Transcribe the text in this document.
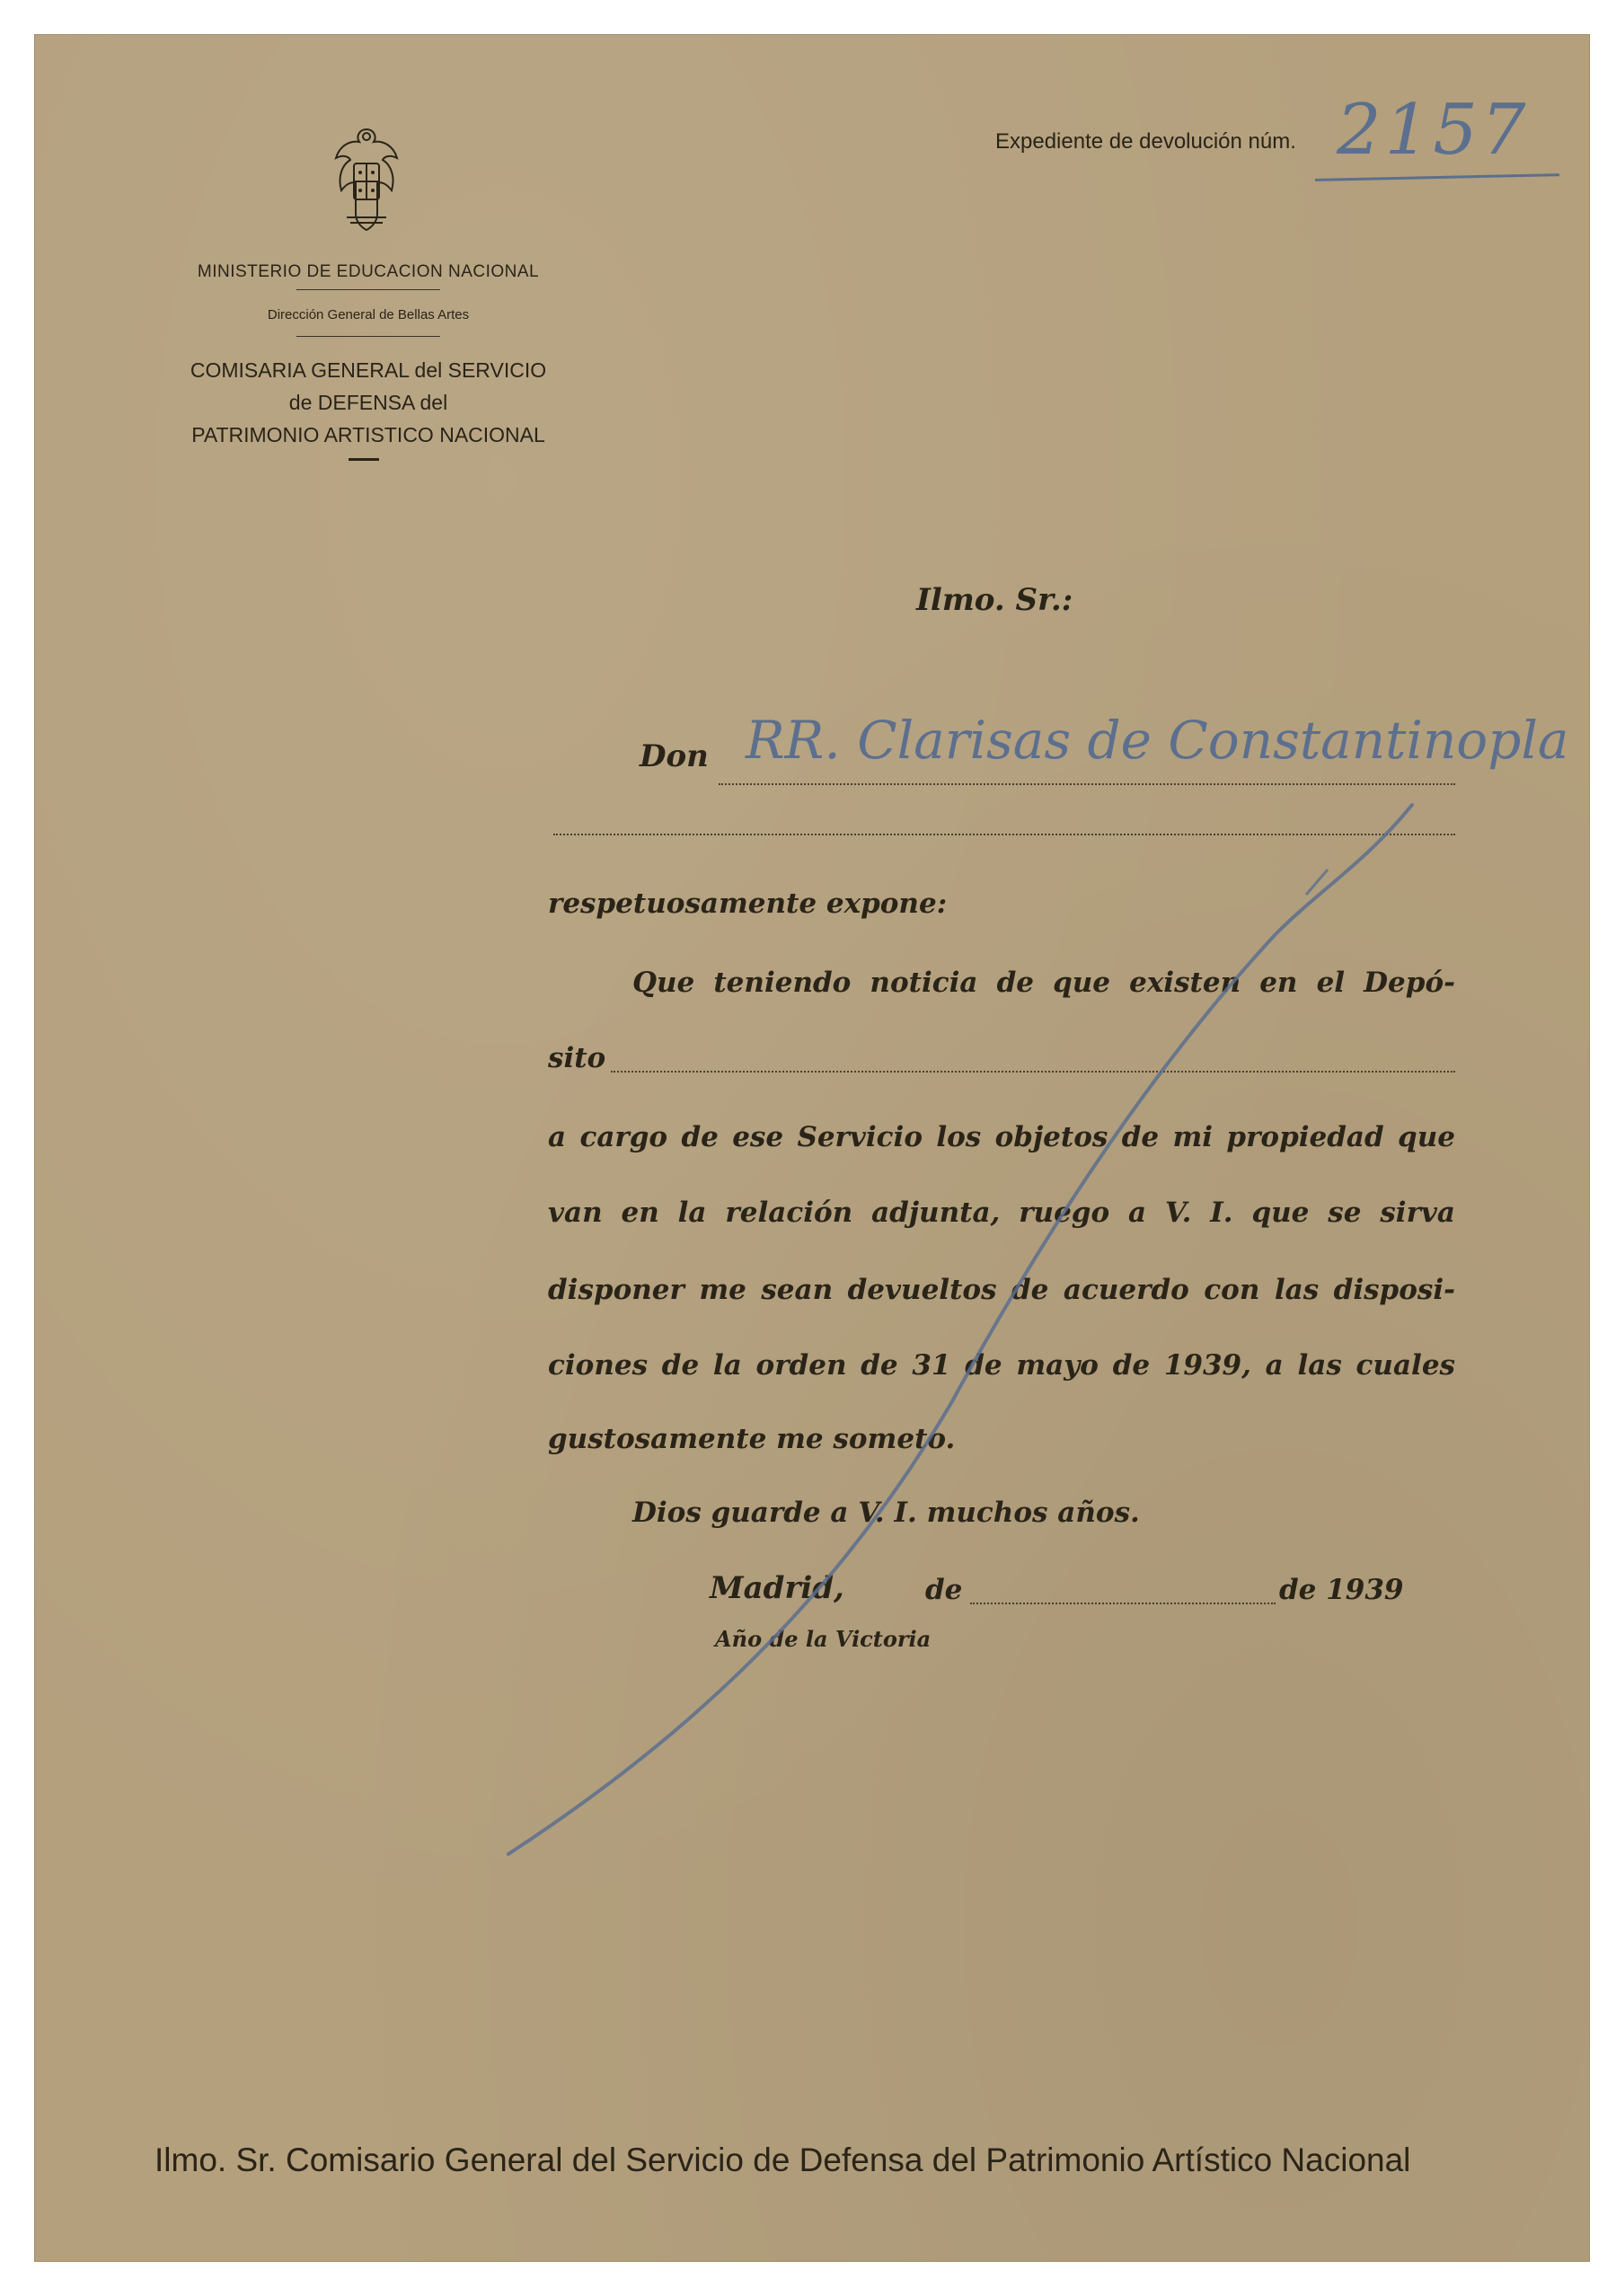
MINISTERIO DE EDUCACION NACIONAL
Dirección General de Bellas Artes
COMISARIA GENERAL del SERVICIO
de DEFENSA del
PATRIMONIO ARTISTICO NACIONAL
Expediente de devolución núm. 2157
Ilmo. Sr.:
Don RR. Clarisas de Constantinopla
respetuosamente expone:
Que teniendo noticia de que existen en el Depó-
sito
a cargo de ese Servicio los objetos de mi propiedad que
van en la relación adjunta, ruego a V. I. que se sirva
disponer me sean devueltos de acuerdo con las disposi-
ciones de la orden de 31 de mayo de 1939, a las cuales
gustosamente me someto.
Dios guarde a V. I. muchos años.
Madrid,	de	de 1939
Año de la Victoria
Ilmo. Sr. Comisario General del Servicio de Defensa del Patrimonio Artístico Nacional
